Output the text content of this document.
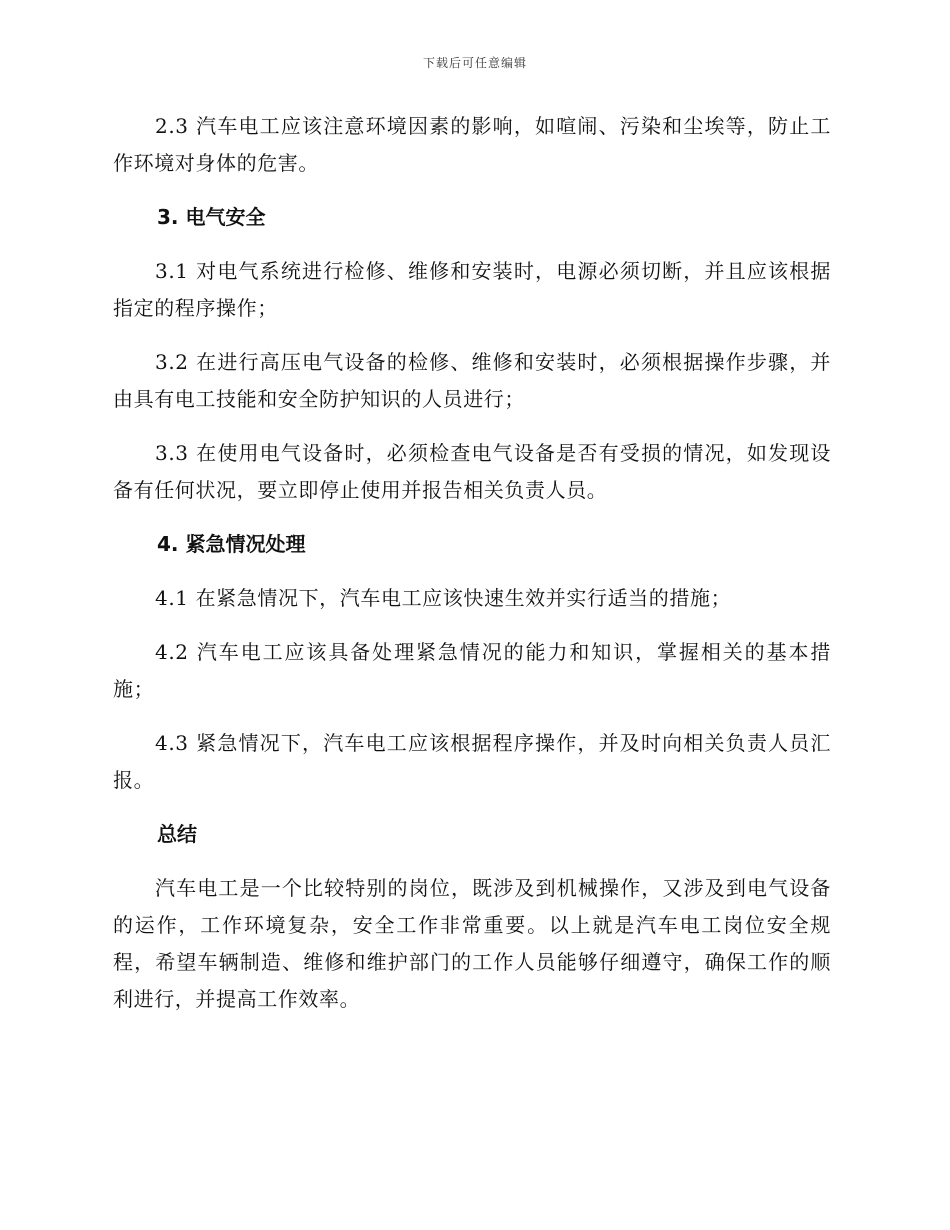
下载后可任意编辑

2.3 汽车电工应该注意环境因素的影响，如喧闹、污染和尘埃等，防止工作环境对身体的危害。

3. 电气安全

3.1 对电气系统进行检修、维修和安装时，电源必须切断，并且应该根据指定的程序操作；

3.2 在进行高压电气设备的检修、维修和安装时，必须根据操作步骤，并由具有电工技能和安全防护知识的人员进行；

3.3 在使用电气设备时，必须检查电气设备是否有受损的情况，如发现设备有任何状况，要立即停止使用并报告相关负责人员。

4. 紧急情况处理

4.1 在紧急情况下，汽车电工应该快速生效并实行适当的措施；

4.2 汽车电工应该具备处理紧急情况的能力和知识，掌握相关的基本措施；

4.3 紧急情况下，汽车电工应该根据程序操作，并及时向相关负责人员汇报。

总结

汽车电工是一个比较特别的岗位，既涉及到机械操作，又涉及到电气设备的运作，工作环境复杂，安全工作非常重要。以上就是汽车电工岗位安全规程，希望车辆制造、维修和维护部门的工作人员能够仔细遵守，确保工作的顺利进行，并提高工作效率。
